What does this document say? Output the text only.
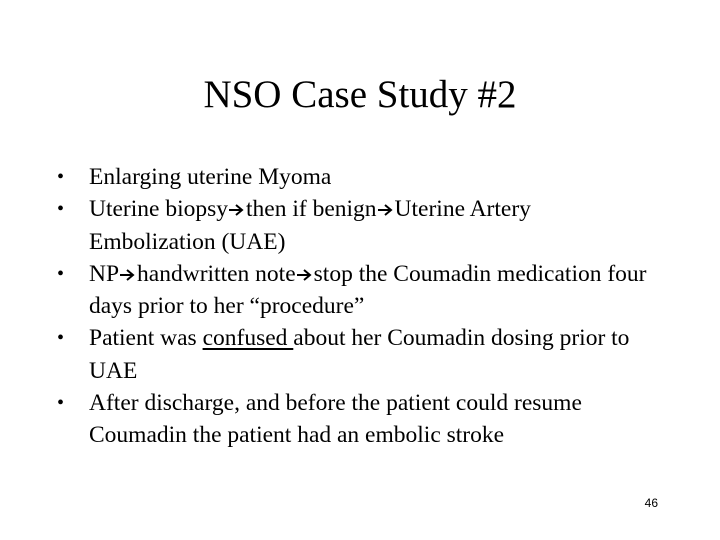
NSO Case Study #2
•	Enlarging uterine Myoma
•	Uterine biopsy then if benign Uterine Artery Embolization (UAE)
•	NP handwritten note stop the Coumadin medication four days prior to her “procedure”
•	Patient was confused about her Coumadin dosing prior to UAE
•	After discharge, and before the patient could resume Coumadin the patient had an embolic stroke
46
